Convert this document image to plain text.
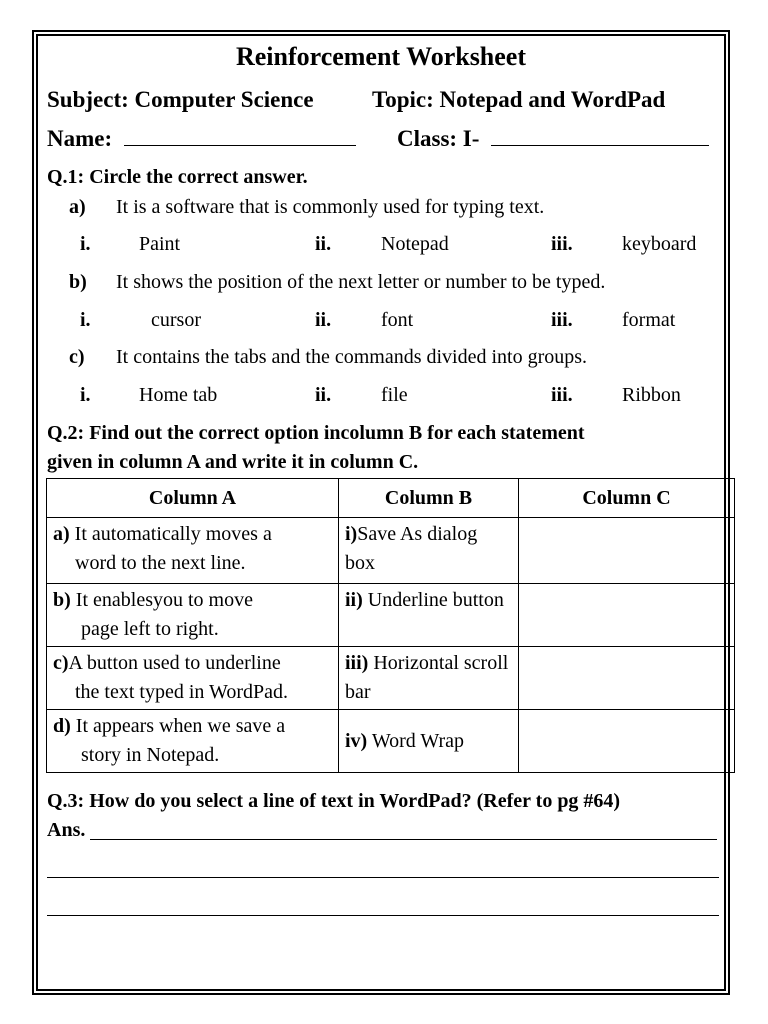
Reinforcement Worksheet
Subject: Computer Science	Topic: Notepad and WordPad
Name:	Class: I-
Q.1: Circle the correct answer.
a) It is a software that is commonly used for typing text.
i. Paint	ii. Notepad	iii. keyboard
b) It shows the position of the next letter or number to be typed.
i.	cursor	ii. font	iii. format
c) It contains the tabs and the commands divided into groups.
i. Home tab	ii. file	iii. Ribbon
Q.2: Find out the correct option incolumn B for each statement
given in column A and write it in column C.
Column A	Column B	Column C
a) It automatically moves a
word to the next line.	i)Save As dialog box	
b) It enablesyou to move
page left to right.	ii) Underline button	
c)A button used to underline
the text typed in WordPad.	iii) Horizontal scroll bar	
d) It appears when we save a
story in Notepad.	iv) Word Wrap	
Q.3: How do you select a line of text in WordPad? (Refer to pg #64)
Ans.
